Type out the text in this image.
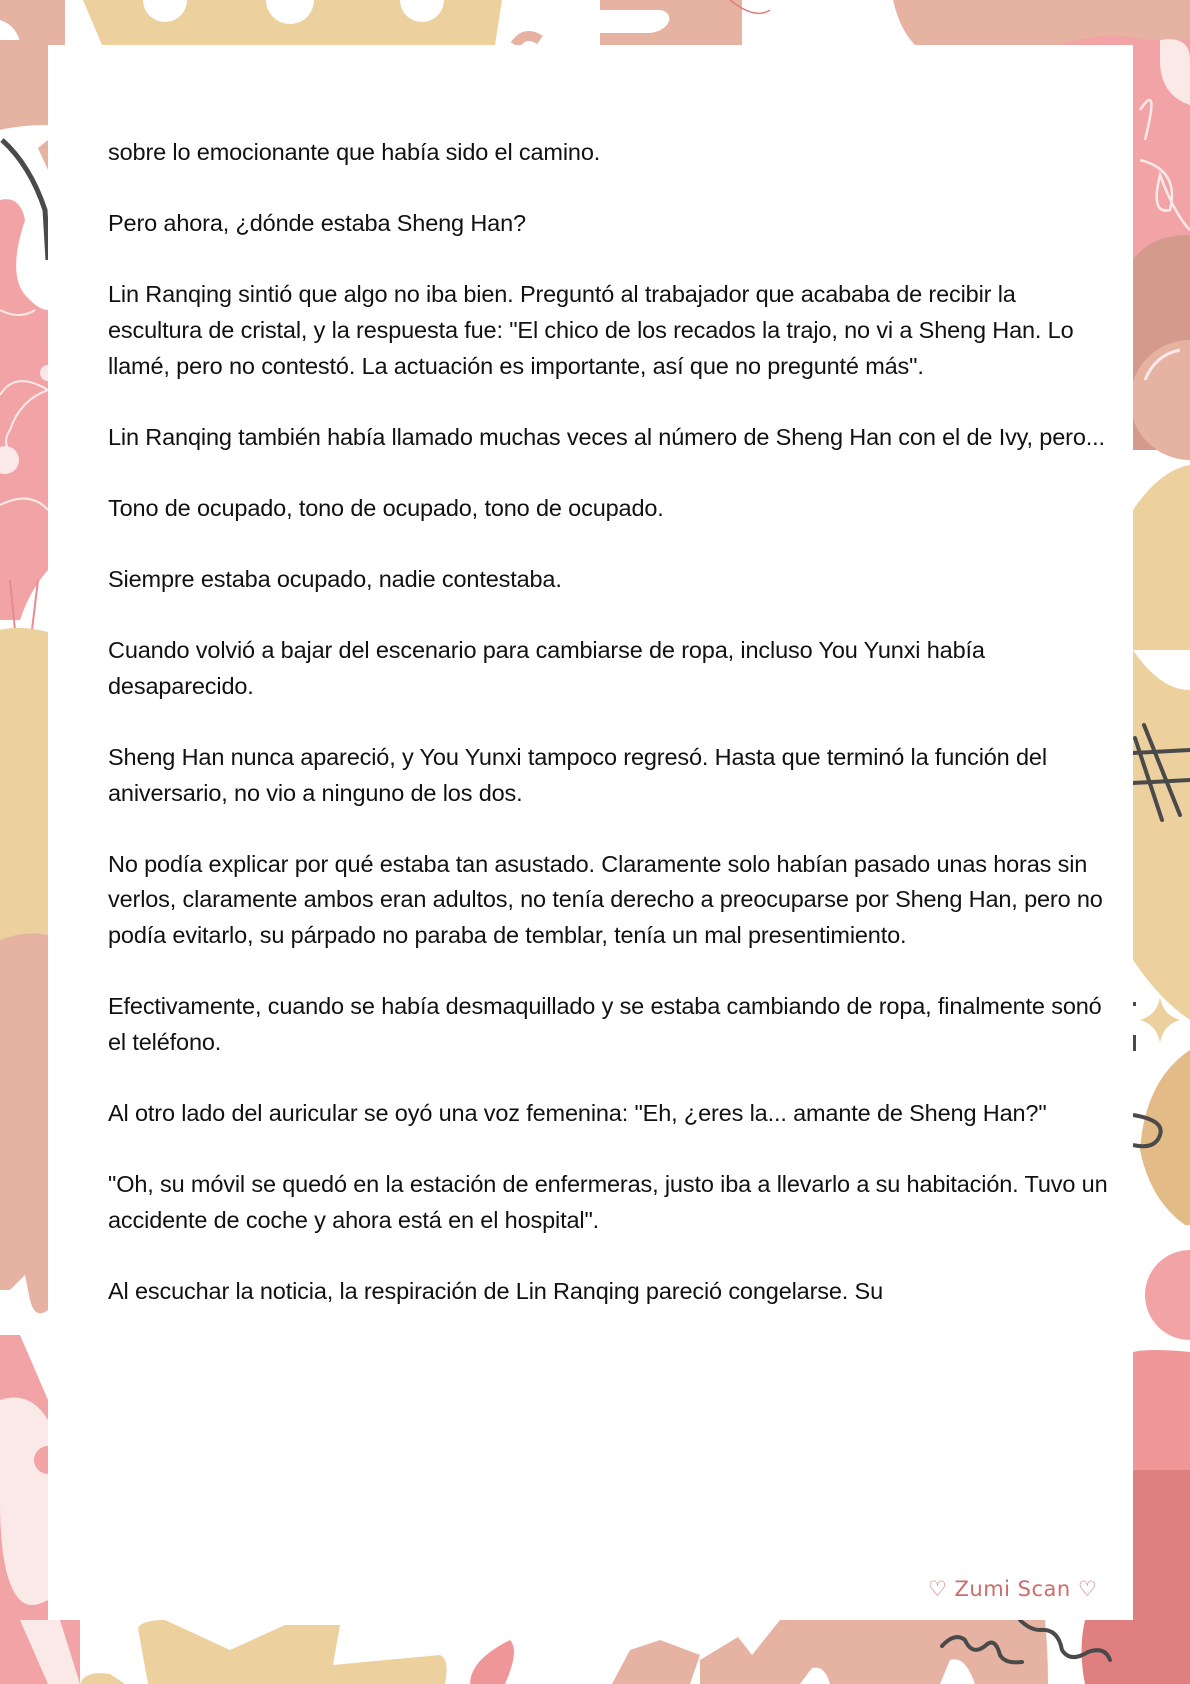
sobre lo emocionante que había sido el camino.

Pero ahora, ¿dónde estaba Sheng Han?

Lin Ranqing sintió que algo no iba bien. Preguntó al trabajador que acababa de recibir la escultura de cristal, y la respuesta fue: "El chico de los recados la trajo, no vi a Sheng Han. Lo llamé, pero no contestó. La actuación es importante, así que no pregunté más".

Lin Ranqing también había llamado muchas veces al número de Sheng Han con el de Ivy, pero...

Tono de ocupado, tono de ocupado, tono de ocupado.

Siempre estaba ocupado, nadie contestaba.

Cuando volvió a bajar del escenario para cambiarse de ropa, incluso You Yunxi había desaparecido.

Sheng Han nunca apareció, y You Yunxi tampoco regresó. Hasta que terminó la función del aniversario, no vio a ninguno de los dos.

No podía explicar por qué estaba tan asustado. Claramente solo habían pasado unas horas sin verlos, claramente ambos eran adultos, no tenía derecho a preocuparse por Sheng Han, pero no podía evitarlo, su párpado no paraba de temblar, tenía un mal presentimiento.

Efectivamente, cuando se había desmaquillado y se estaba cambiando de ropa, finalmente sonó el teléfono.

Al otro lado del auricular se oyó una voz femenina: "Eh, ¿eres la... amante de Sheng Han?"

"Oh, su móvil se quedó en la estación de enfermeras, justo iba a llevarlo a su habitación. Tuvo un accidente de coche y ahora está en el hospital".

Al escuchar la noticia, la respiración de Lin Ranqing pareció congelarse. Su

♡ Zumi Scan ♡
